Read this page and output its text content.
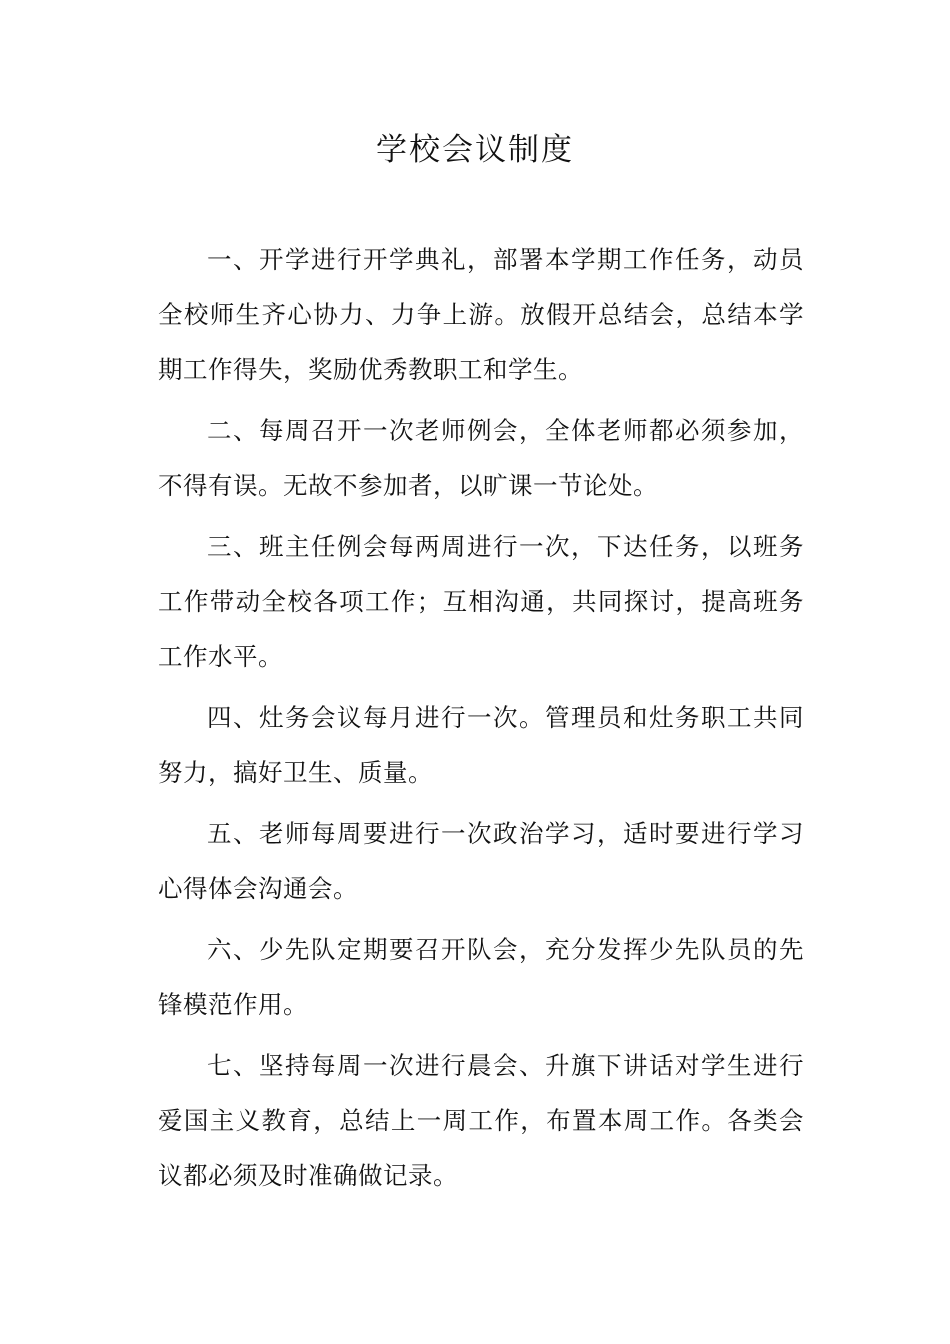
学校会议制度

一、开学进行开学典礼，部署本学期工作任务，动员全校师生齐心协力、力争上游。放假开总结会，总结本学期工作得失，奖励优秀教职工和学生。

二、每周召开一次老师例会，全体老师都必须参加，不得有误。无故不参加者，以旷课一节论处。

三、班主任例会每两周进行一次，下达任务，以班务工作带动全校各项工作；互相沟通，共同探讨，提高班务工作水平。

四、灶务会议每月进行一次。管理员和灶务职工共同努力，搞好卫生、质量。

五、老师每周要进行一次政治学习，适时要进行学习心得体会沟通会。

六、少先队定期要召开队会，充分发挥少先队员的先锋模范作用。

七、坚持每周一次进行晨会、升旗下讲话对学生进行爱国主义教育，总结上一周工作，布置本周工作。各类会议都必须及时准确做记录。
